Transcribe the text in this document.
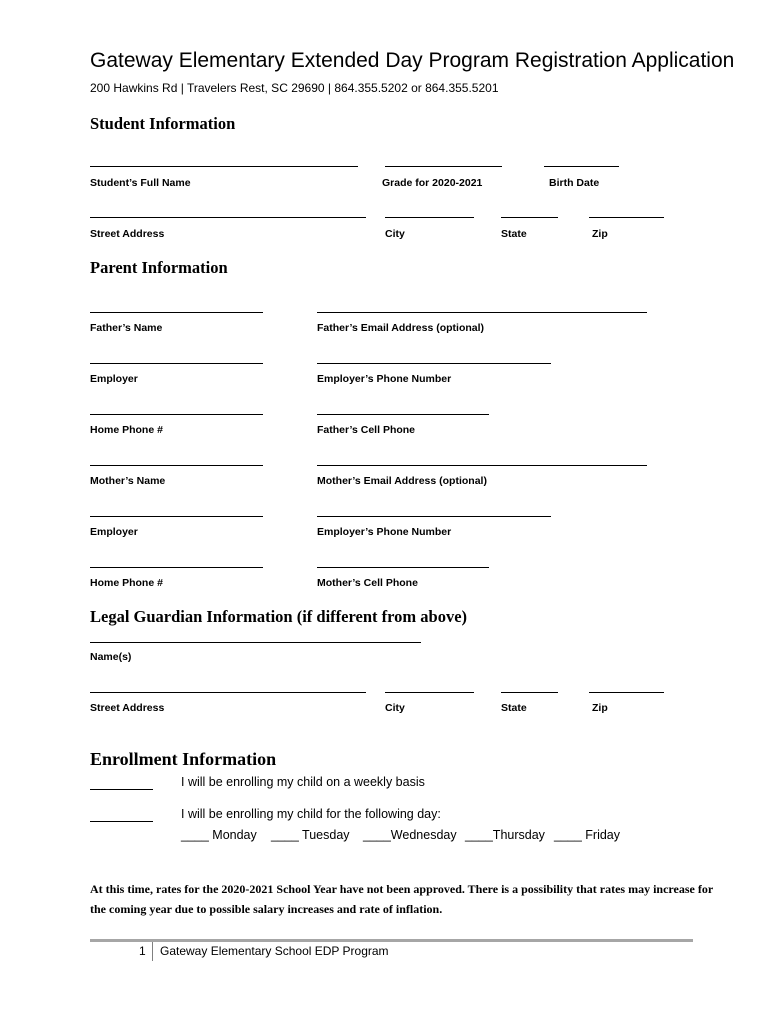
Gateway Elementary Extended Day Program Registration Application
200 Hawkins Rd | Travelers Rest, SC 29690 | 864.355.5202 or 864.355.5201
Student Information
Student’s Full Name	Grade for 2020-2021	Birth Date
Street Address	City	State	Zip
Parent Information
Father’s Name	Father’s Email Address (optional)
Employer	Employer’s Phone Number
Home Phone #	Father’s Cell Phone
Mother’s Name	Mother’s Email Address (optional)
Employer	Employer’s Phone Number
Home Phone #	Mother’s Cell Phone
Legal Guardian Information (if different from above)
Name(s)
Street Address	City	State	Zip
Enrollment Information
I will be enrolling my child on a weekly basis
I will be enrolling my child for the following day:
____ Monday ____ Tuesday ____Wednesday ____Thursday ____ Friday
At this time, rates for the 2020-2021 School Year have not been approved. There is a possibility that rates may increase for the coming year due to possible salary increases and rate of inflation.
1 Gateway Elementary School EDP Program
